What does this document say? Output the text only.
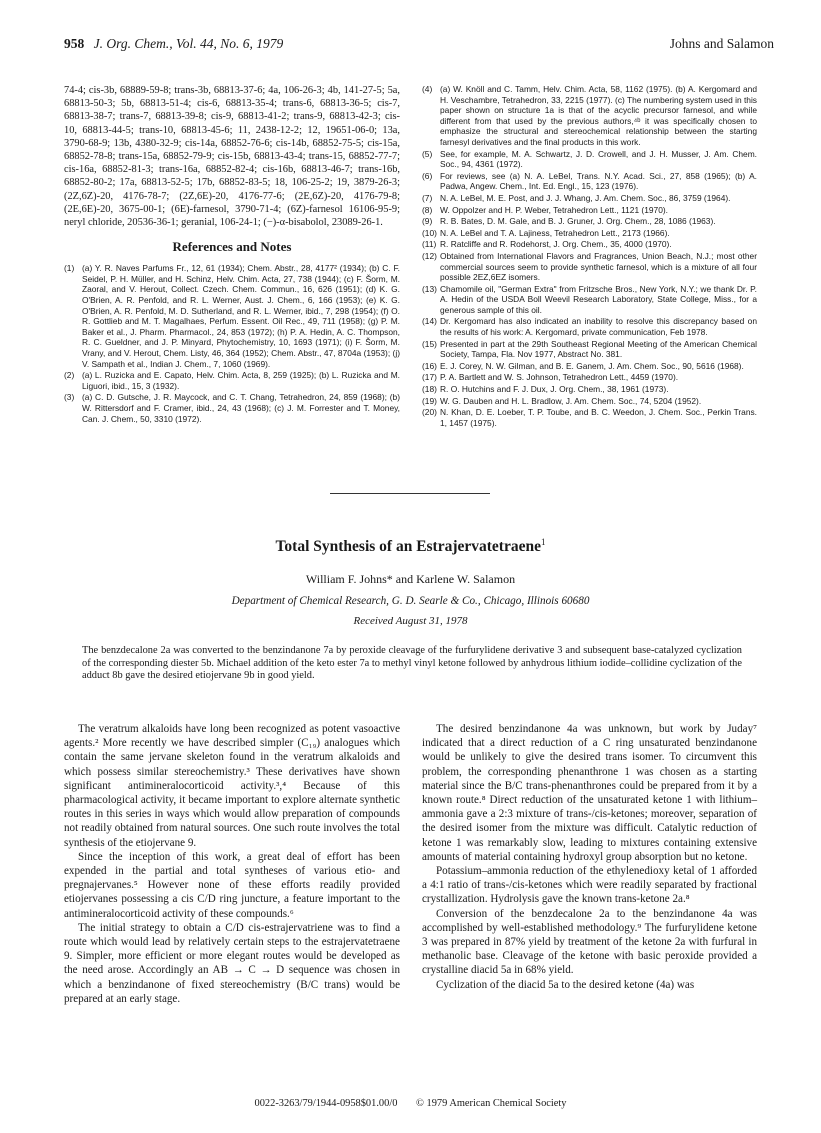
958 J. Org. Chem., Vol. 44, No. 6, 1979	Johns and Salamon
74-4; cis-3b, 68889-59-8; trans-3b, 68813-37-6; 4a, 106-26-3; 4b, 141-27-5; 5a, 68813-50-3; 5b, 68813-51-4; cis-6, 68813-35-4; trans-6, 68813-36-5; cis-7, 68813-38-7; trans-7, 68813-39-8; cis-9, 68813-41-2; trans-9, 68813-42-3; cis-10, 68813-44-5; trans-10, 68813-45-6; 11, 2438-12-2; 12, 19651-06-0; 13a, 3790-68-9; 13b, 4380-32-9; cis-14a, 68852-76-6; cis-14b, 68852-75-5; cis-15a, 68852-78-8; trans-15a, 68852-79-9; cis-15b, 68813-43-4; trans-15, 68852-77-7; cis-16a, 68852-81-3; trans-16a, 68852-82-4; cis-16b, 68813-46-7; trans-16b, 68852-80-2; 17a, 68813-52-5; 17b, 68852-83-5; 18, 106-25-2; 19, 3879-26-3; (2Z,6Z)-20, 4176-78-7; (2Z,6E)-20, 4176-77-6; (2E,6Z)-20, 4176-79-8; (2E,6E)-20, 3675-00-1; (6E)-farnesol, 3790-71-4; (6Z)-farnesol 16106-95-9; neryl chloride, 20536-36-1; geranial, 106-24-1; (−)-α-bisabolol, 23089-26-1.
References and Notes
(1) (a) Y. R. Naves Parfums Fr., 12, 61 (1934); Chem. Abstr., 28, 4177² (1934); (b) C. F. Seidel, P. H. Müller, and H. Schinz, Helv. Chim. Acta, 27, 738 (1944); (c) F. Šorm, M. Zaoral, and V. Herout, Collect. Czech. Chem. Commun., 16, 626 (1951); (d) K. G. O'Brien, A. R. Penfold, and R. L. Werner, Aust. J. Chem., 6, 166 (1953); (e) K. G. O'Brien, A. R. Penfold, M. D. Sutherland, and R. L. Werner, ibid., 7, 298 (1954); (f) O. R. Gottlieb and M. T. Magalhaes, Perfum. Essent. Oil Rec., 49, 711 (1958); (g) P. M. Baker et al., J. Pharm. Pharmacol., 24, 853 (1972); (h) P. A. Hedin, A. C. Thompson, R. C. Gueldner, and J. P. Minyard, Phytochemistry, 10, 1693 (1971); (i) F. Šorm, M. Vrany, and V. Herout, Chem. Listy, 46, 364 (1952); Chem. Abstr., 47, 8704a (1953); (j) V. Sampath et al., Indian J. Chem., 7, 1060 (1969).
(2) (a) L. Ruzicka and E. Capato, Helv. Chim. Acta, 8, 259 (1925); (b) L. Ruzicka and M. Liguori, ibid., 15, 3 (1932).
(3) (a) C. D. Gutsche, J. R. Maycock, and C. T. Chang, Tetrahedron, 24, 859 (1968); (b) W. Rittersdorf and F. Cramer, ibid., 24, 43 (1968); (c) J. M. Forrester and T. Money, Can. J. Chem., 50, 3310 (1972).
(4) (a) W. Knöll and C. Tamm, Helv. Chim. Acta, 58, 1162 (1975). (b) A. Kergomard and H. Veschambre, Tetrahedron, 33, 2215 (1977). (c) The numbering system used in this paper shown on structure 1a is that of the acyclic precursor farnesol, and while different from that used by the previous authors,⁴ᵇ it was specifically chosen to emphasize the structural and stereochemical relationship between the starting farnesyl derivatives and the final products in this work.
(5) See, for example, M. A. Schwartz, J. D. Crowell, and J. H. Musser, J. Am. Chem. Soc., 94, 4361 (1972).
(6) For reviews, see (a) N. A. LeBel, Trans. N.Y. Acad. Sci., 27, 858 (1965); (b) A. Padwa, Angew. Chem., Int. Ed. Engl., 15, 123 (1976).
(7) N. A. LeBel, M. E. Post, and J. J. Whang, J. Am. Chem. Soc., 86, 3759 (1964).
(8) W. Oppolzer and H. P. Weber, Tetrahedron Lett., 1121 (1970).
(9) R. B. Bates, D. M. Gale, and B. J. Gruner, J. Org. Chem., 28, 1086 (1963).
(10) N. A. LeBel and T. A. Lajiness, Tetrahedron Lett., 2173 (1966).
(11) R. Ratcliffe and R. Rodehorst, J. Org. Chem., 35, 4000 (1970).
(12) Obtained from International Flavors and Fragrances, Union Beach, N.J.; most other commercial sources seem to provide synthetic farnesol, which is a mixture of all four possible 2EZ,6EZ isomers.
(13) Chamomile oil, "German Extra" from Fritzsche Bros., New York, N.Y.; we thank Dr. P. A. Hedin of the USDA Boll Weevil Research Laboratory, State College, Miss., for a generous sample of this oil.
(14) Dr. Kergomard has also indicated an inability to resolve this discrepancy based on the results of his work: A. Kergomard, private communication, Feb 1978.
(15) Presented in part at the 29th Southeast Regional Meeting of the American Chemical Society, Tampa, Fla. Nov 1977, Abstract No. 381.
(16) E. J. Corey, N. W. Gilman, and B. E. Ganem, J. Am. Chem. Soc., 90, 5616 (1968).
(17) P. A. Bartlett and W. S. Johnson, Tetrahedron Lett., 4459 (1970).
(18) R. O. Hutchins and F. J. Dux, J. Org. Chem., 38, 1961 (1973).
(19) W. G. Dauben and H. L. Bradlow, J. Am. Chem. Soc., 74, 5204 (1952).
(20) N. Khan, D. E. Loeber, T. P. Toube, and B. C. Weedon, J. Chem. Soc., Perkin Trans. 1, 1457 (1975).
Total Synthesis of an Estrajervatetraene$^1$
William F. Johns* and Karlene W. Salamon
Department of Chemical Research, G. D. Searle & Co., Chicago, Illinois 60680
Received August 31, 1978
The benzdecalone 2a was converted to the benzindanone 7a by peroxide cleavage of the furfurylidene derivative 3 and subsequent base-catalyzed cyclization of the corresponding diester 5b. Michael addition of the keto ester 7a to methyl vinyl ketone followed by anhydrous lithium iodide–collidine cyclization of the adduct 8b gave the desired etiojervane 9b in good yield.

The veratrum alkaloids have long been recognized as potent vasoactive agents.² More recently we have described simpler (C₁₉) analogues which contain the same jervane skeleton found in the veratrum alkaloids and which possess similar stereochemistry.³ These derivatives have shown significant antimineralocorticoid activity.³,⁴ Because of this pharmacological activity, it became important to explore alternate synthetic routes in this series in ways which would allow preparation of compounds not readily obtained from natural sources. One such route involves the total synthesis of the etiojervane 9.

Since the inception of this work, a great deal of effort has been expended in the partial and total syntheses of various etio- and pregnajervanes.⁵ However none of these efforts readily provided etiojervanes possessing a cis C/D ring juncture, a feature important to the antimineralocorticoid activity of these compounds.⁶

The initial strategy to obtain a C/D cis-estrajervatriene was to find a route which would lead by relatively certain steps to the estrajervatetraene 9. Simpler, more efficient or more elegant routes would be developed as the need arose. Accordingly an AB → C → D sequence was chosen in which a benzindanone of fixed stereochemistry (B/C trans) would be prepared at an early stage.

The desired benzindanone 4a was unknown, but work by Juday⁷ indicated that a direct reduction of a C ring unsaturated benzindanone would be unlikely to give the desired trans isomer. To circumvent this problem, the corresponding phenanthrone 1 was chosen as a starting material since the B/C trans-phenanthrones could be prepared from it by a known route.⁸ Direct reduction of the unsaturated ketone 1 with lithium–ammonia gave a 2:3 mixture of trans-/cis-ketones; moreover, separation of the desired isomer from the mixture was difficult. Catalytic reduction of ketone 1 was remarkably slow, leading to mixtures containing extensive amounts of material containing hydroxyl group absorption but no ketone.

Potassium–ammonia reduction of the ethylenedioxy ketal of 1 afforded a 4:1 ratio of trans-/cis-ketones which were readily separated by fractional crystallization. Hydrolysis gave the known trans-ketone 2a.⁸

Conversion of the benzdecalone 2a to the benzindanone 4a was accomplished by well-established methodology.⁹ The furfurylidene ketone 3 was prepared in 87% yield by treatment of the ketone 2a with furfural in methanolic base. Cleavage of the ketone with basic peroxide provided a crystalline diacid 5a in 68% yield.

Cyclization of the diacid 5a to the desired ketone (4a) was

0022-3263/79/1944-0958$01.00/0 © 1979 American Chemical Society
